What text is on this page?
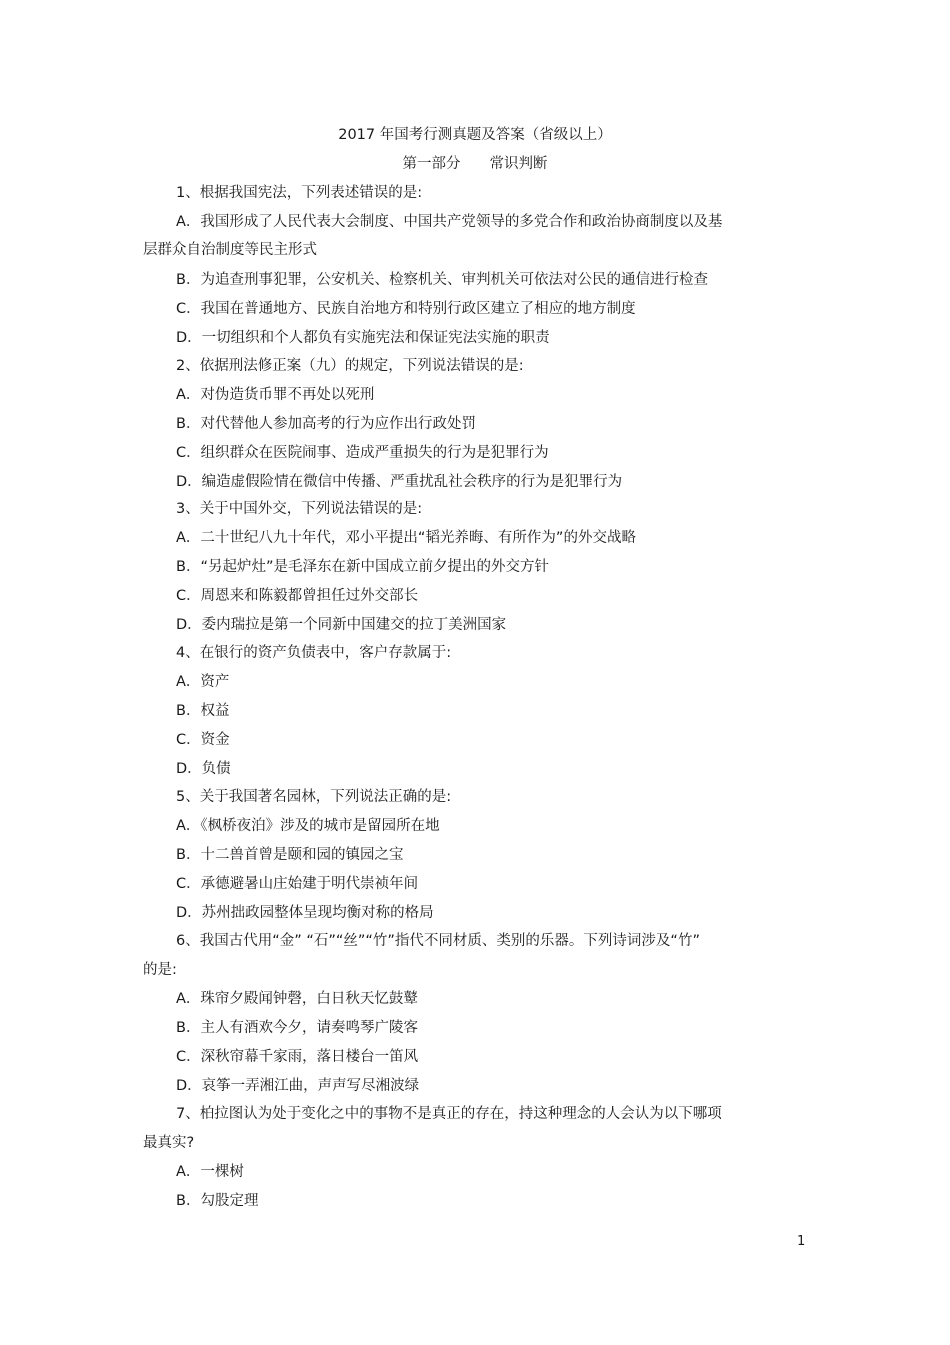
2017 年国考行测真题及答案（省级以上）
第一部分　　常识判断
1、根据我国宪法，下列表述错误的是:
A．我国形成了人民代表大会制度、中国共产党领导的多党合作和政治协商制度以及基
层群众自治制度等民主形式
B．为追查刑事犯罪，公安机关、检察机关、审判机关可依法对公民的通信进行检查
C．我国在普通地方、民族自治地方和特别行政区建立了相应的地方制度
D．一切组织和个人都负有实施宪法和保证宪法实施的职责
2、依据刑法修正案（九）的规定，下列说法错误的是:
A．对伪造货币罪不再处以死刑
B．对代替他人参加高考的行为应作出行政处罚
C．组织群众在医院闹事、造成严重损失的行为是犯罪行为
D．编造虚假险情在微信中传播、严重扰乱社会秩序的行为是犯罪行为
3、关于中国外交，下列说法错误的是:
A．二十世纪八九十年代，邓小平提出“韬光养晦、有所作为”的外交战略
B．“另起炉灶”是毛泽东在新中国成立前夕提出的外交方针
C．周恩来和陈毅都曾担任过外交部长
D．委内瑞拉是第一个同新中国建交的拉丁美洲国家
4、在银行的资产负债表中，客户存款属于:
A．资产
B．权益
C．资金
D．负债
5、关于我国著名园林，下列说法正确的是:
A．《枫桥夜泊》涉及的城市是留园所在地
B．十二兽首曾是颐和园的镇园之宝
C．承德避暑山庄始建于明代崇祯年间
D．苏州拙政园整体呈现均衡对称的格局
6、我国古代用“金” “石”“丝”“竹”指代不同材质、类别的乐器。下列诗词涉及“竹”
的是:
A．珠帘夕殿闻钟磬，白日秋天忆鼓鼙
B．主人有酒欢今夕，请奏鸣琴广陵客
C．深秋帘幕千家雨，落日楼台一笛风
D．哀筝一弄湘江曲，声声写尽湘波绿
7、柏拉图认为处于变化之中的事物不是真正的存在，持这种理念的人会认为以下哪项
最真实?
A．一棵树
B．勾股定理
1
